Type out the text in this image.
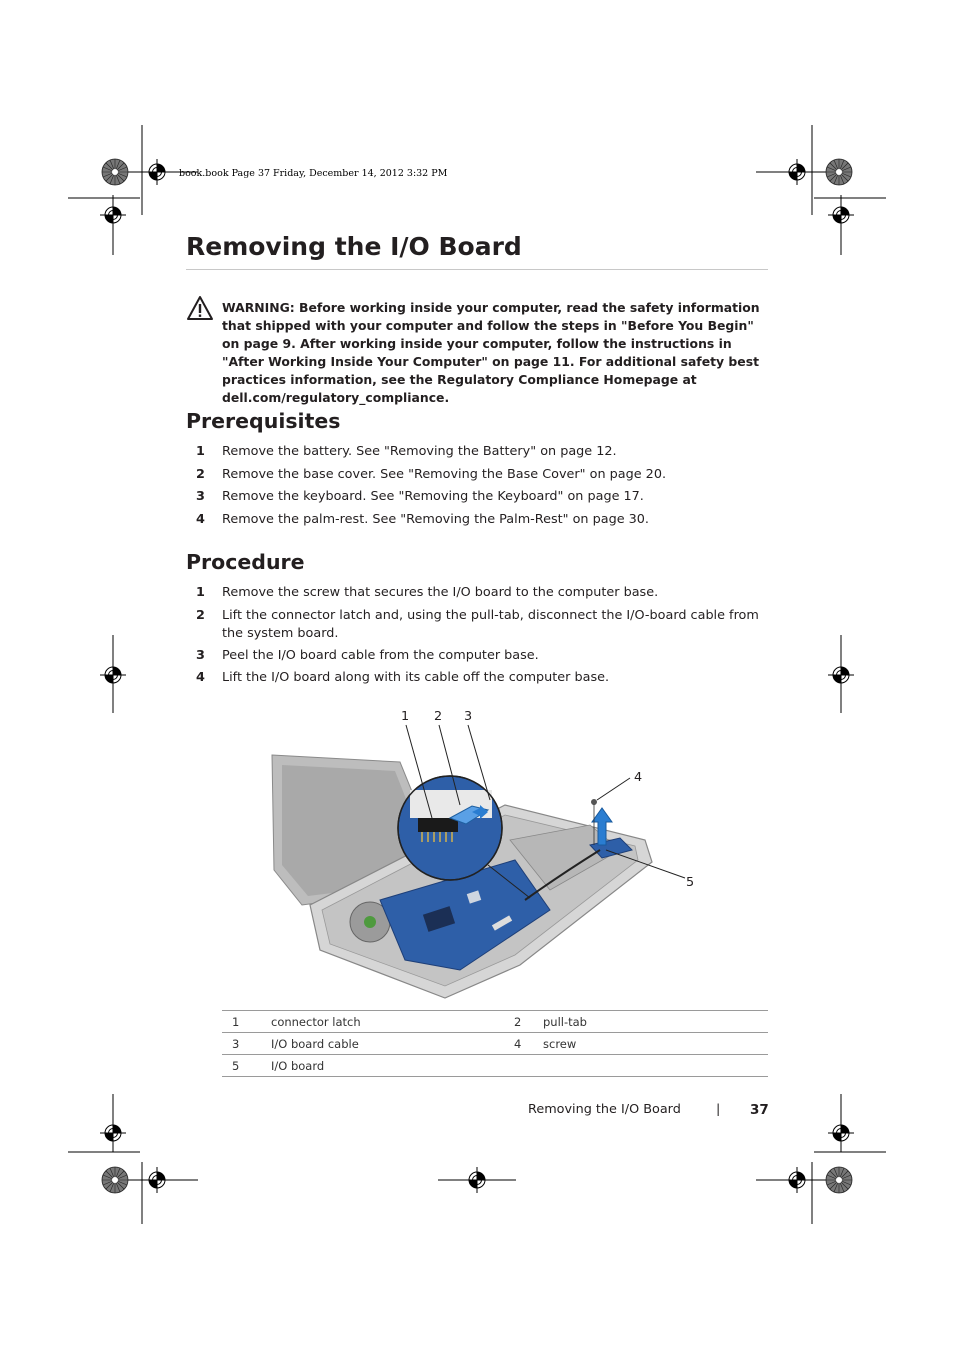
book.book Page 37 Friday, December 14, 2012 3:32 PM
Removing the I/O Board
WARNING: Before working inside your computer, read the safety information that shipped with your computer and follow the steps in "Before You Begin" on page 9. After working inside your computer, follow the instructions in "After Working Inside Your Computer" on page 11. For additional safety best practices information, see the Regulatory Compliance Homepage at dell.com/regulatory_compliance.
Prerequisites
1 Remove the battery. See "Removing the Battery" on page 12.
2 Remove the base cover. See "Removing the Base Cover" on page 20.
3 Remove the keyboard. See "Removing the Keyboard" on page 17.
4 Remove the palm-rest. See "Removing the Palm-Rest" on page 30.
Procedure
1 Remove the screw that secures the I/O board to the computer base.
2 Lift the connector latch and, using the pull-tab, disconnect the I/O-board cable from the system board.
3 Peel the I/O board cable from the computer base.
4 Lift the I/O board along with its cable off the computer base.
1 2 3
4
5
1	connector latch	2	pull-tab
3	I/O board cable	4	screw
5	I/O board		
Removing the I/O Board	| 37
